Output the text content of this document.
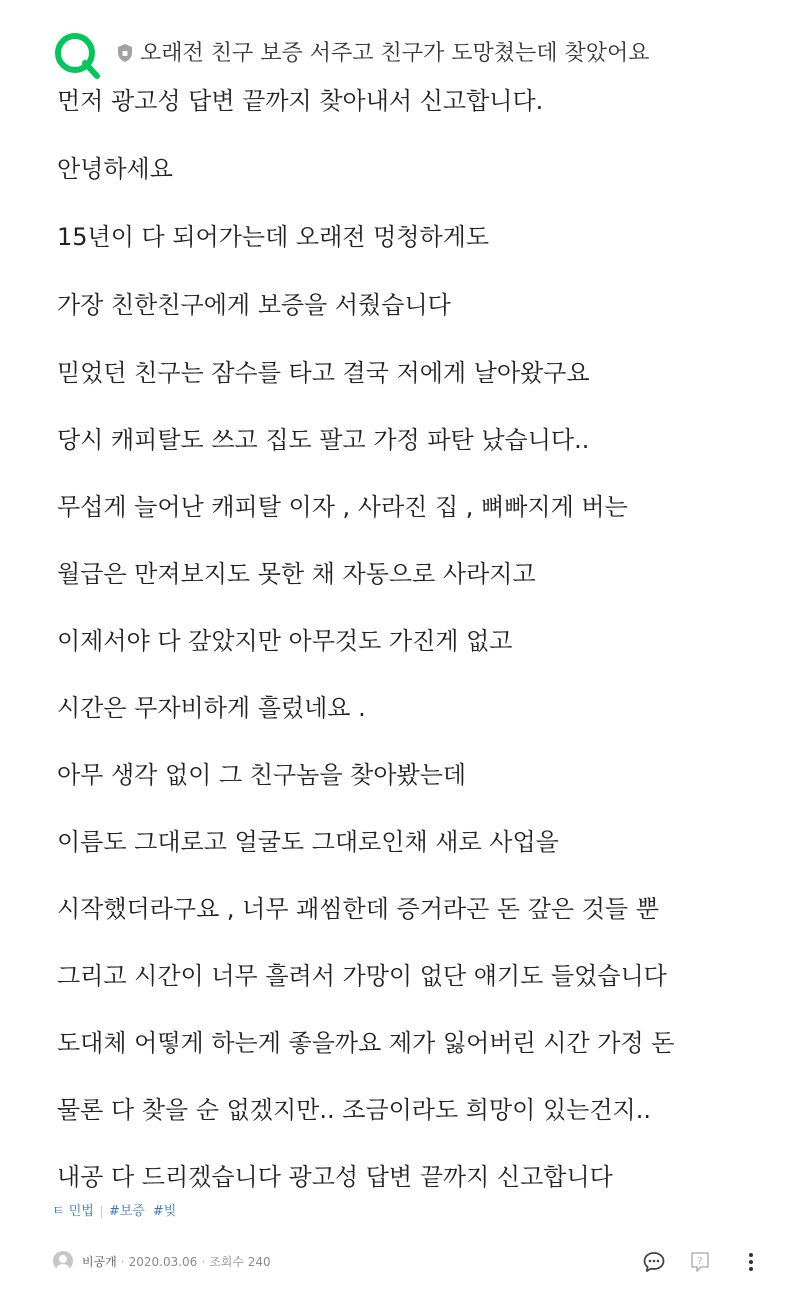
오래전 친구 보증 서주고 친구가 도망쳤는데 찾았어요
먼저 광고성 답변 끝까지 찾아내서 신고합니다.
안녕하세요
15년이 다 되어가는데 오래전 멍청하게도
가장 친한친구에게 보증을 서줬습니다
믿었던 친구는 잠수를 타고 결국 저에게 날아왔구요
당시 캐피탈도 쓰고 집도 팔고 가정 파탄 났습니다..
무섭게 늘어난 캐피탈 이자 , 사라진 집 , 뼈빠지게 버는
월급은 만져보지도 못한 채 자동으로 사라지고
이제서야 다 갚았지만 아무것도 가진게 없고
시간은 무자비하게 흘렀네요 .
아무 생각 없이 그 친구놈을 찾아봤는데
이름도 그대로고 얼굴도 그대로인채 새로 사업을
시작했더라구요 , 너무 괘씸한데 증거라곤 돈 갚은 것들 뿐
그리고 시간이 너무 흘려서 가망이 없단 얘기도 들었습니다
도대체 어떻게 하는게 좋을까요 제가 잃어버린 시간 가정 돈
물론 다 찾을 순 없겠지만.. 조금이라도 희망이 있는건지..
내공 다 드리겠습니다 광고성 답변 끝까지 신고합니다
ㅌ 민법 #보증 #빚
비공개 · 2020.03.06 · 조회수 240	?
